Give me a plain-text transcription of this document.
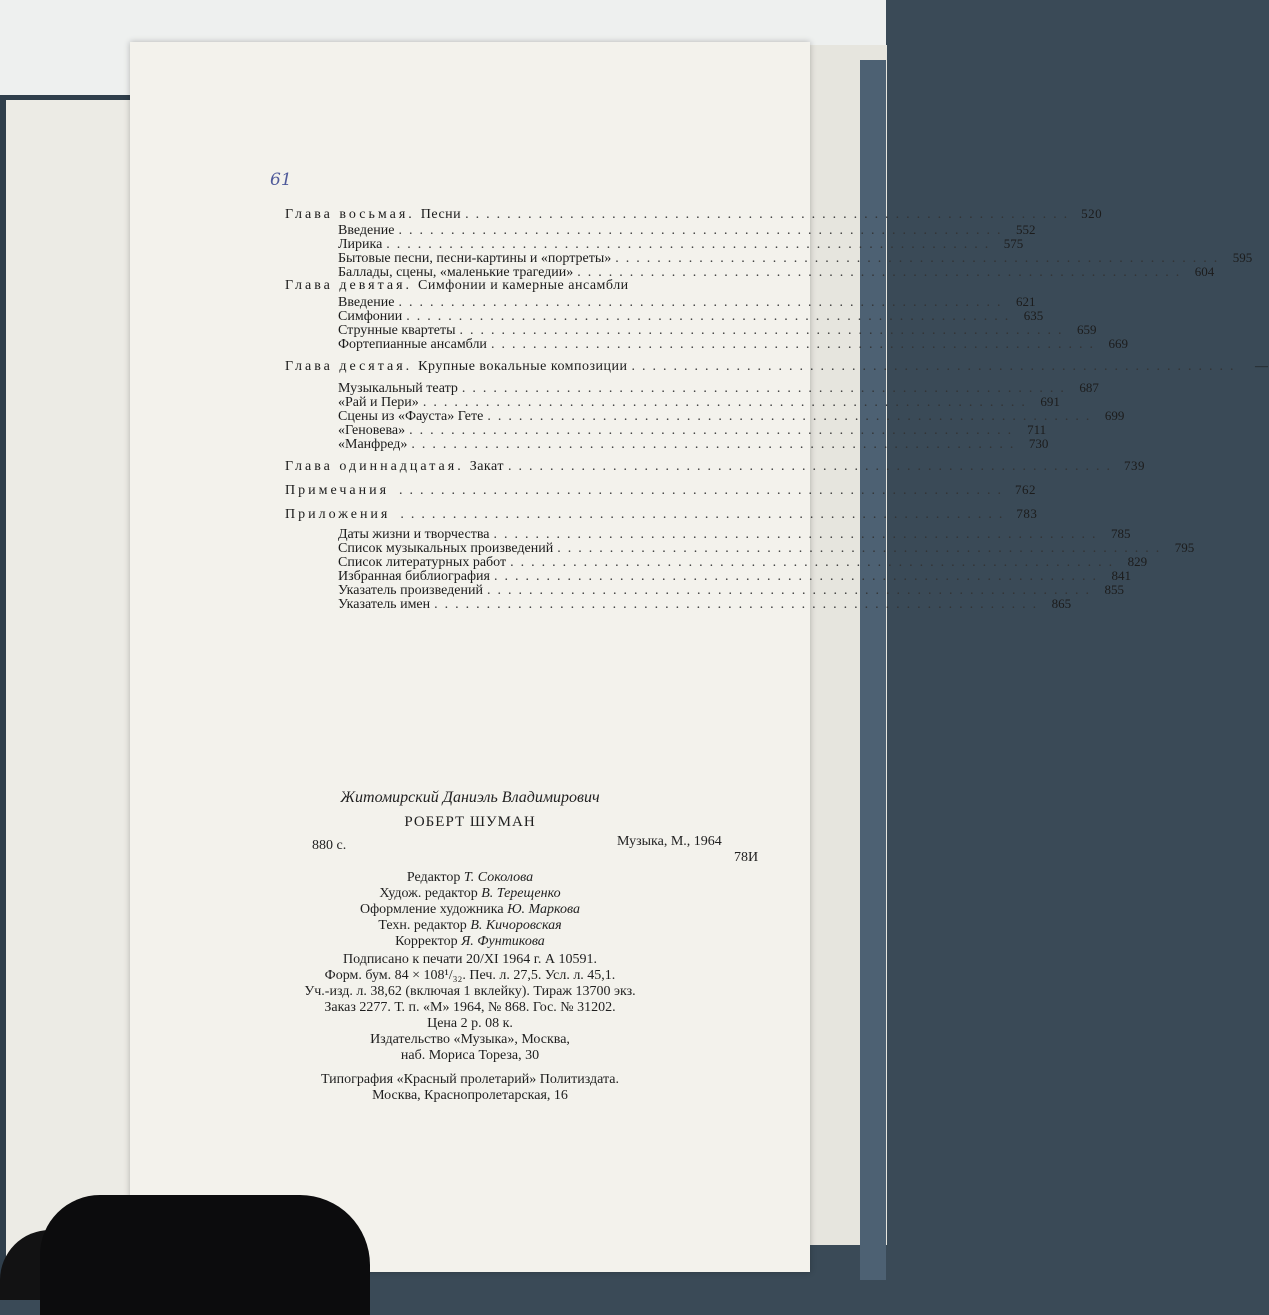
61
Глава восьмая. Песни .......................................................... 520
Введение .......................................................... 552
Лирика .......................................................... 575
Бытовые песни, песни-картины и «портреты» .......................................................... 595
Баллады, сцены, «маленькие трагедии» .......................................................... 604
Глава девятая. Симфонии и камерные ансамбли
Введение .......................................................... 621
Симфонии .......................................................... 635
Струнные квартеты .......................................................... 659
Фортепианные ансамбли .......................................................... 669
Глава десятая. Крупные вокальные композиции ..........................................................	—
Музыкальный театр .......................................................... 687
«Рай и Пери» .......................................................... 691
Сцены из «Фауста» Гете .......................................................... 699
«Геновева» .......................................................... 711
«Манфред» .......................................................... 730
Глава одиннадцатая. Закат .......................................................... 739
Примечания .......................................................... 762
Приложения .......................................................... 783
Даты жизни и творчества .......................................................... 785
Список музыкальных произведений .......................................................... 795
Список литературных работ .......................................................... 829
Избранная библиография .......................................................... 841
Указатель произведений .......................................................... 855
Указатель имен .......................................................... 865
Житомирский Даниэль Владимирович
РОБЕРТ ШУМАН
880 с.	Музыка, М., 1964
78И
Редактор Т. Соколова
Худож. редактор В. Терещенко
Оформление художника Ю. Маркова
Техн. редактор В. Кичоровская
Корректор Я. Фунтикова
Подписано к печати 20/XI 1964 г. А 10591.
Форм. бум. 84 × 108¹/₃₂. Печ. л. 27,5. Усл. л. 45,1.
Уч.-изд. л. 38,62 (включая 1 вклейку). Тираж 13700 экз.
Заказ 2277. Т. п. «М» 1964, № 868. Гос. № 31202.
Цена 2 р. 08 к.
Издательство «Музыка», Москва,
наб. Мориса Тореза, 30
Типография «Красный пролетарий» Политиздата.
Москва, Краснопролетарская, 16
